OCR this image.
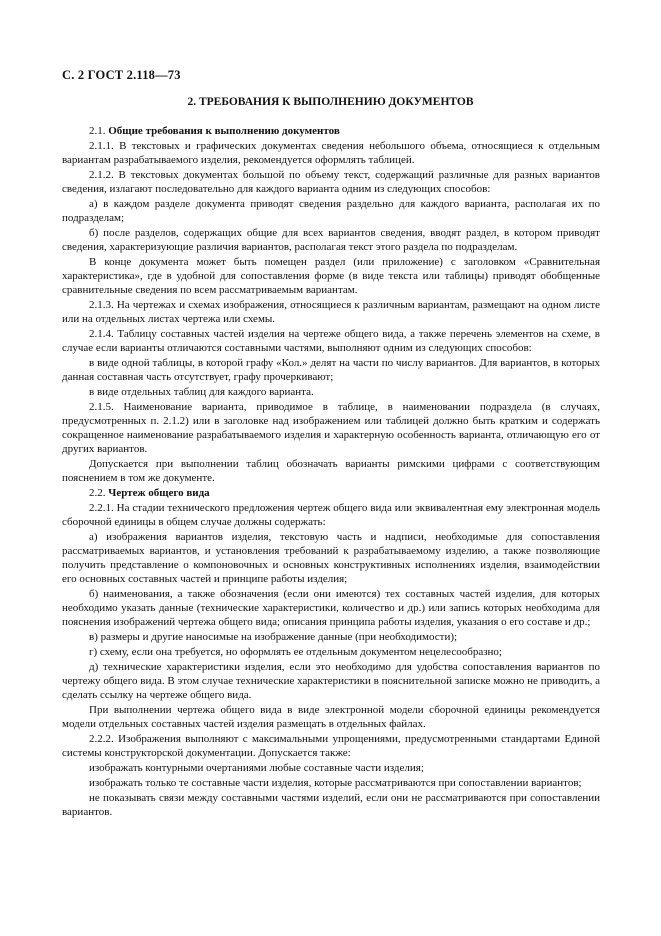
С. 2 ГОСТ 2.118—73
2. ТРЕБОВАНИЯ К ВЫПОЛНЕНИЮ ДОКУМЕНТОВ

2.1. Общие требования к выполнению документов

2.1.1. В текстовых и графических документах сведения небольшого объема, относящиеся к отдельным вариантам разрабатываемого изделия, рекомендуется оформлять таблицей.

2.1.2. В текстовых документах большой по объему текст, содержащий различные для разных вариантов сведения, излагают последовательно для каждого варианта одним из следующих способов:

а) в каждом разделе документа приводят сведения раздельно для каждого варианта, располагая их по подразделам;

б) после разделов, содержащих общие для всех вариантов сведения, вводят раздел, в котором приводят сведения, характеризующие различия вариантов, располагая текст этого раздела по подразделам.

В конце документа может быть помещен раздел (или приложение) с заголовком «Сравнительная характеристика», где в удобной для сопоставления форме (в виде текста или таблицы) приводят обобщенные сравнительные сведения по всем рассматриваемым вариантам.

2.1.3. На чертежах и схемах изображения, относящиеся к различным вариантам, размещают на одном листе или на отдельных листах чертежа или схемы.

2.1.4. Таблицу составных частей изделия на чертеже общего вида, а также перечень элементов на схеме, в случае если варианты отличаются составными частями, выполняют одним из следующих способов:

в виде одной таблицы, в которой графу «Кол.» делят на части по числу вариантов. Для вариантов, в которых данная составная часть отсутствует, графу прочеркивают;

в виде отдельных таблиц для каждого варианта.

2.1.5. Наименование варианта, приводимое в таблице, в наименовании подраздела (в случаях, предусмотренных п. 2.1.2) или в заголовке над изображением или таблицей должно быть кратким и содержать сокращенное наименование разрабатываемого изделия и характерную особенность варианта, отличающую его от других вариантов.

Допускается при выполнении таблиц обозначать варианты римскими цифрами с соответствующим пояснением в том же документе.

2.2. Чертеж общего вида

2.2.1. На стадии технического предложения чертеж общего вида или эквивалентная ему электронная модель сборочной единицы в общем случае должны содержать:

а) изображения вариантов изделия, текстовую часть и надписи, необходимые для сопоставления рассматриваемых вариантов, и установления требований к разрабатываемому изделию, а также позволяющие получить представление о компоновочных и основных конструктивных исполнениях изделия, взаимодействии его основных составных частей и принципе работы изделия;

б) наименования, а также обозначения (если они имеются) тех составных частей изделия, для которых необходимо указать данные (технические характеристики, количество и др.) или запись которых необходима для пояснения изображений чертежа общего вида; описания принципа работы изделия, указания о его составе и др.;

в) размеры и другие наносимые на изображение данные (при необходимости);

г) схему, если она требуется, но оформлять ее отдельным документом нецелесообразно;

д) технические характеристики изделия, если это необходимо для удобства сопоставления вариантов по чертежу общего вида. В этом случае технические характеристики в пояснительной записке можно не приводить, а сделать ссылку на чертеже общего вида.

При выполнении чертежа общего вида в виде электронной модели сборочной единицы рекомендуется модели отдельных составных частей изделия размещать в отдельных файлах.

2.2.2. Изображения выполняют с максимальными упрощениями, предусмотренными стандартами Единой системы конструкторской документации. Допускается также:

изображать контурными очертаниями любые составные части изделия;

изображать только те составные части изделия, которые рассматриваются при сопоставлении вариантов;

не показывать связи между составными частями изделий, если они не рассматриваются при сопоставлении вариантов.
